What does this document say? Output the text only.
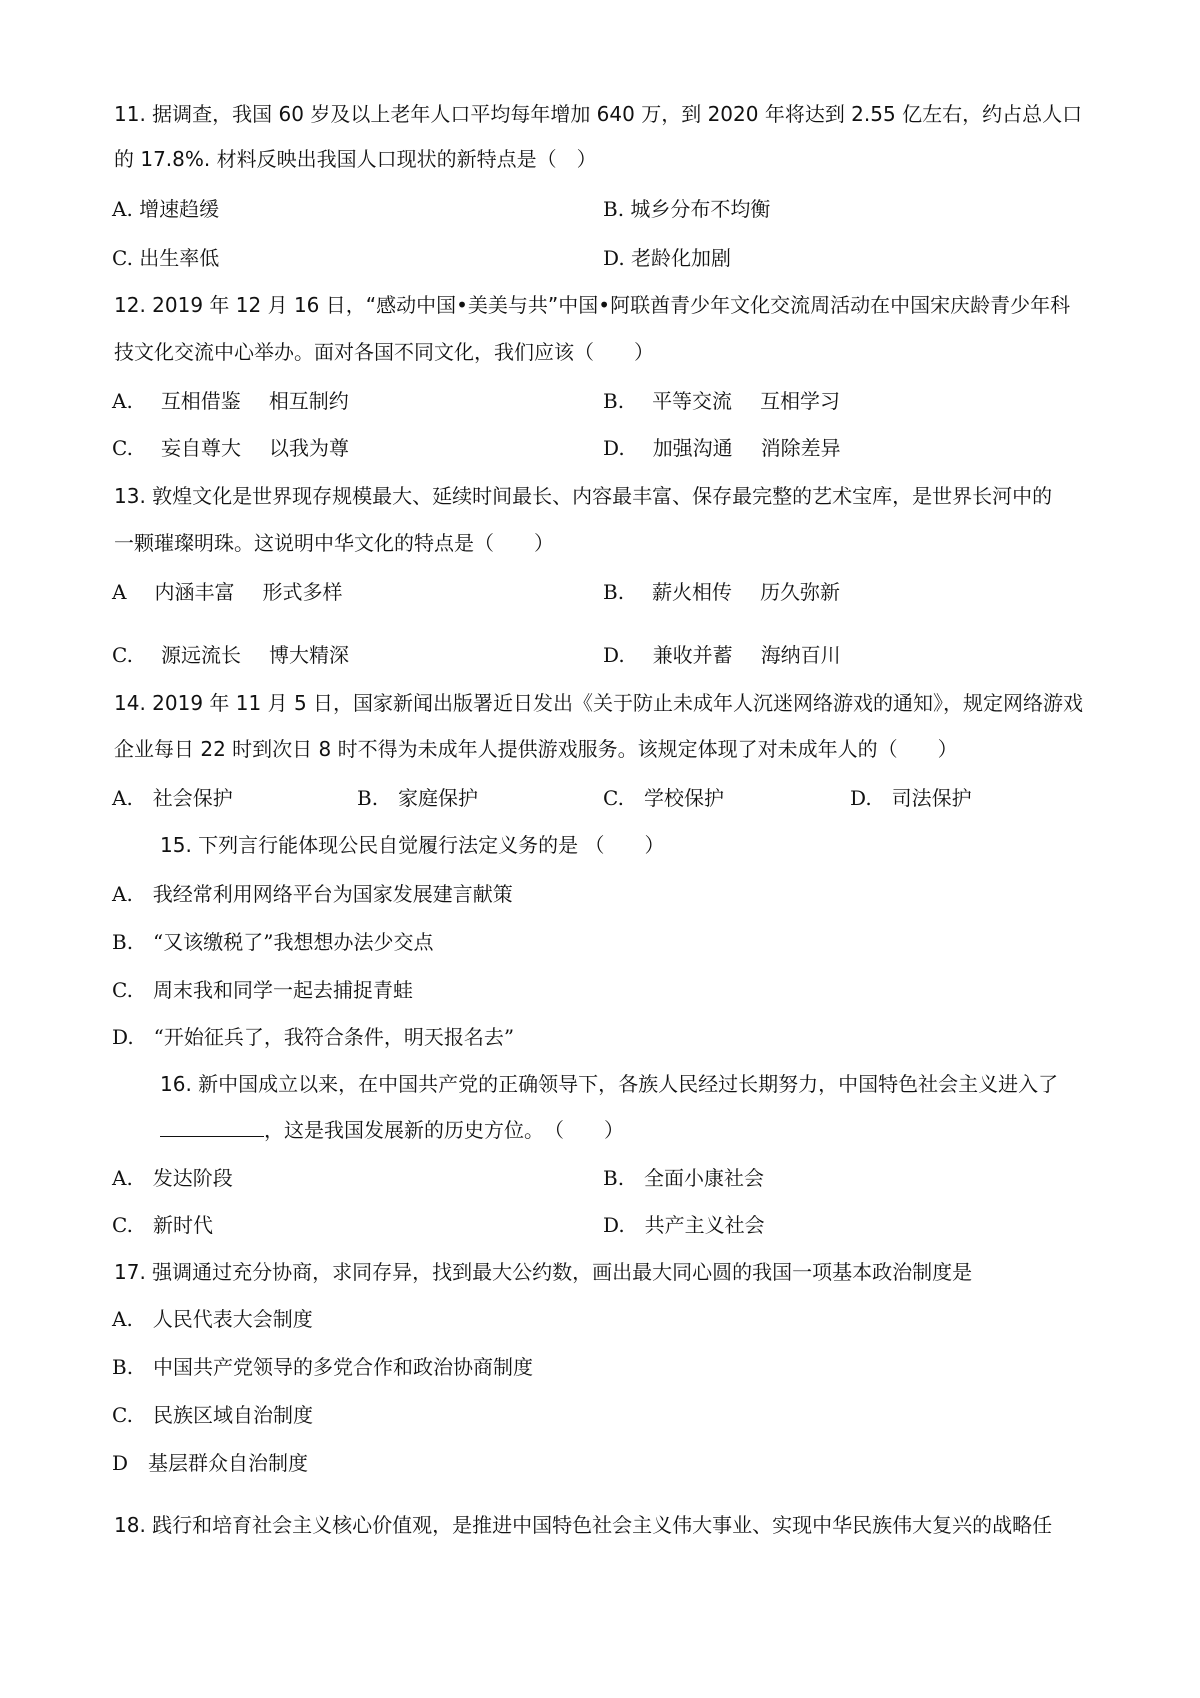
11. 据调查，我国 60 岁及以上老年人口平均每年增加 640 万，到 2020 年将达到 2.55 亿左右，约占总人口
的 17.8%. 材料反映出我国人口现状的新特点是（　）
A. 增速趋缓	B. 城乡分布不均衡
C. 出生率低	D. 老龄化加剧
12. 2019 年 12 月 16 日，“感动中国•美美与共”中国•阿联酋青少年文化交流周活动在中国宋庆龄青少年科
技文化交流中心举办。面对各国不同文化，我们应该（　　）
A. 互相借鉴 相互制约	B. 平等交流 互相学习
C. 妄自尊大 以我为尊	D. 加强沟通 消除差异
13. 敦煌文化是世界现存规模最大、延续时间最长、内容最丰富、保存最完整的艺术宝库，是世界长河中的
一颗璀璨明珠。这说明中华文化的特点是（　　）
A 内涵丰富 形式多样	B. 薪火相传 历久弥新
C. 源远流长 博大精深	D. 兼收并蓄 海纳百川
14. 2019 年 11 月 5 日，国家新闻出版署近日发出《关于防止未成年人沉迷网络游戏的通知》，规定网络游戏
企业每日 22 时到次日 8 时不得为未成年人提供游戏服务。该规定体现了对未成年人的（　　）
A.　社会保护	B.　家庭保护	C.　学校保护	D.　司法保护
15. 下列言行能体现公民自觉履行法定义务的是 （　　）
A.　我经常利用网络平台为国家发展建言献策
B.　“又该缴税了”我想想办法少交点
C.　周末我和同学一起去捕捉青蛙
D.　“开始征兵了，我符合条件，明天报名去”
16. 新中国成立以来，在中国共产党的正确领导下，各族人民经过长期努力，中国特色社会主义进入了
，这是我国发展新的历史方位。　（　　）
A.　发达阶段	B.　全面小康社会
C.　新时代	D.　共产主义社会
17. 强调通过充分协商，求同存异，找到最大公约数，画出最大同心圆的我国一项基本政治制度是
A.　人民代表大会制度
B.　中国共产党领导的多党合作和政治协商制度
C.　民族区域自治制度
D　基层群众自治制度
18. 践行和培育社会主义核心价值观，是推进中国特色社会主义伟大事业、实现中华民族伟大复兴的战略任
